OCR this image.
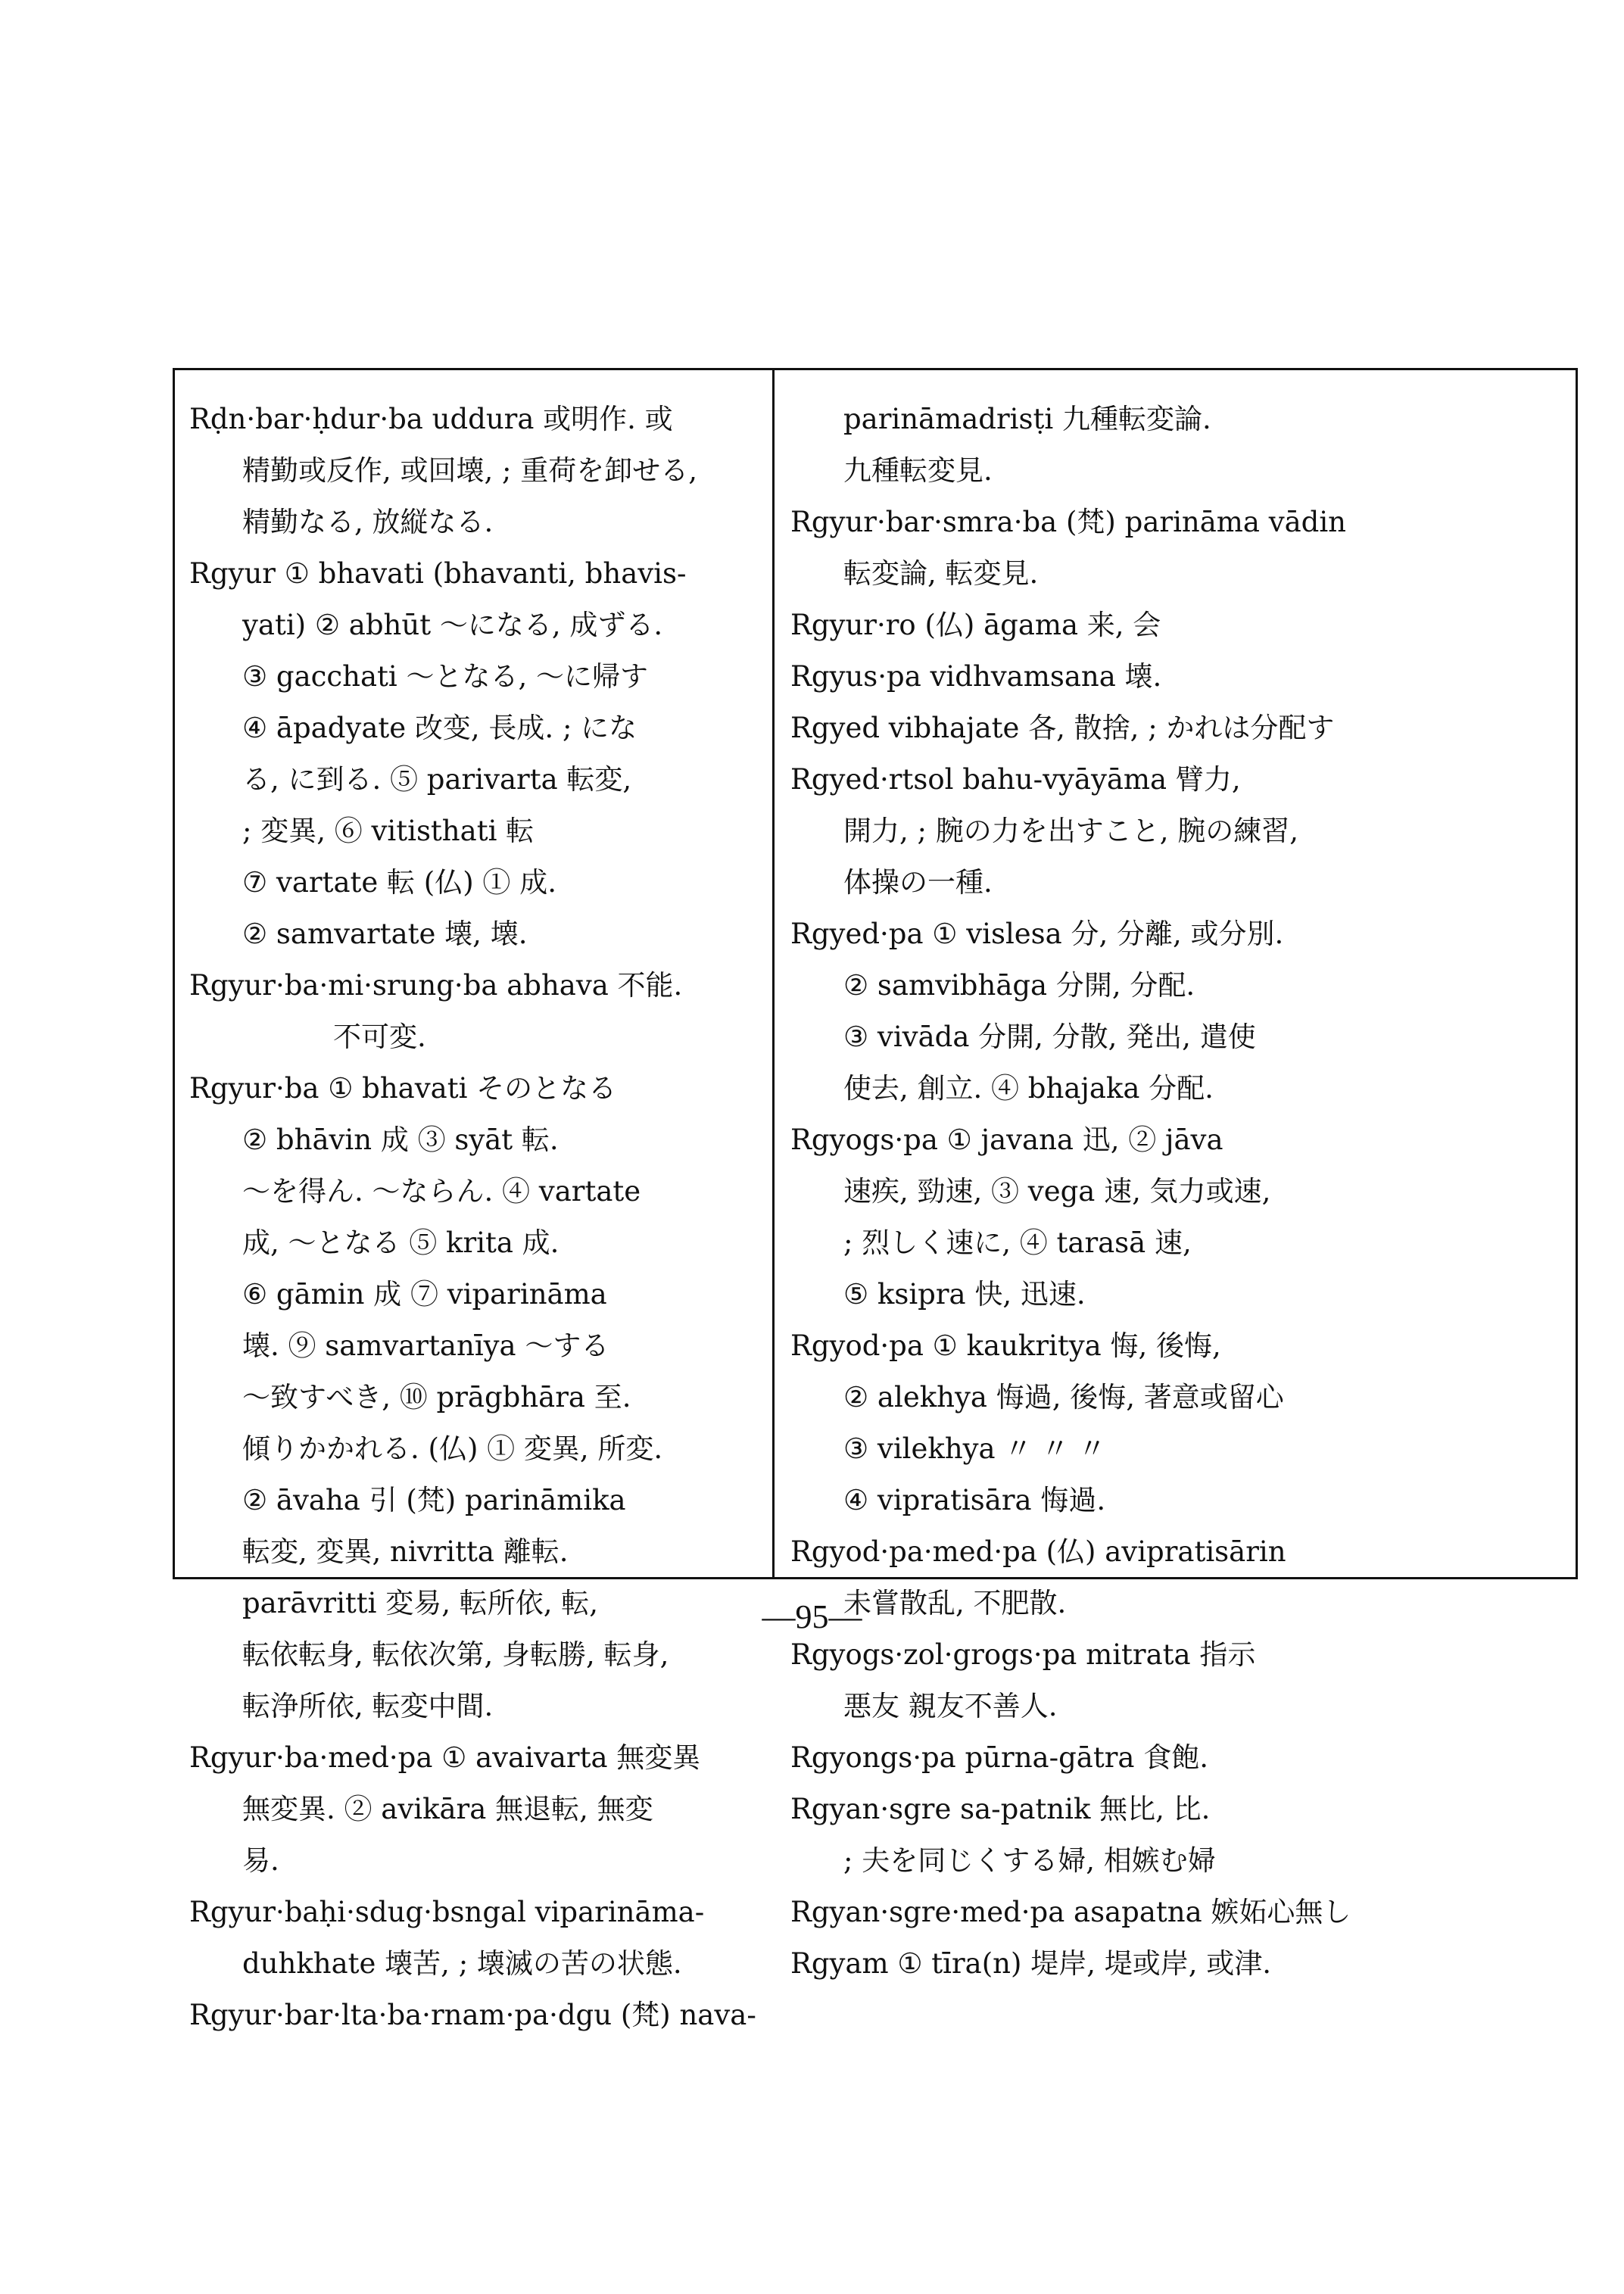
Rḍn·bar·ḥdur·ba uddura 或明作. 或
精勤或反作, 或回壊, ; 重荷を卸せる,
精勤なる, 放縦なる.
Rgyur ① bhavati (bhavanti, bhavis-
yati) ② abhūt ～になる, 成ずる.
③ gacchati ～となる, ～に帰す
④ āpadyate 改变, 長成. ; にな
る, に到る. ⑤ parivarta 転変,
; 変異, ⑥ vitisthati 転
⑦ vartate 転 (仏) ① 成.
② samvartate 壊, 壊.
Rgyur·ba·mi·srung·ba abhava 不能.
不可変.
Rgyur·ba ① bhavati そのとなる
② bhāvin 成 ③ syāt 転.
～を得ん. ～ならん. ④ vartate
成, ～となる ⑤ krita 成.
⑥ gāmin 成 ⑦ viparināma
壊. ⑨ samvartanīya ～する
～致すべき, ⑩ prāgbhāra 至.
傾りかかれる. (仏) ① 変異, 所変.
② āvaha 引 (梵) parināmika
転変, 変異, nivritta 離転.
parāvritti 変易, 転所依, 転,
転依転身, 転依次第, 身転勝, 転身,
転浄所依, 転変中間.
Rgyur·ba·med·pa ① avaivarta 無変異
無変異. ② avikāra 無退転, 無変
易.
Rgyur·baḥi·sdug·bsngal viparināma-
duhkhate 壊苦, ; 壊滅の苦の状態.
Rgyur·bar·lta·ba·rnam·pa·dgu (梵) nava-
parināmadrisṭi 九種転変論.
九種転変見.
Rgyur·bar·smra·ba (梵) parināma vādin
転変論, 転変見.
Rgyur·ro (仏) āgama 来, 会
Rgyus·pa vidhvamsana 壊.
Rgyed vibhajate 各, 散捨, ; かれは分配す
Rgyed·rtsol bahu-vyāyāma 臂力,
開力, ; 腕の力を出すこと, 腕の練習,
体操の一種.
Rgyed·pa ① vislesa 分, 分離, 或分別.
② samvibhāga 分開, 分配.
③ vivāda 分開, 分散, 発出, 遣使
使去, 創立. ④ bhajaka 分配.
Rgyogs·pa ① javana 迅, ② jāva
速疾, 勁速, ③ vega 速, 気力或速,
; 烈しく速に, ④ tarasā 速,
⑤ ksipra 快, 迅速.
Rgyod·pa ① kaukritya 悔, 後悔,
② alekhya 悔過, 後悔, 著意或留心
③ vilekhya 〃 〃 〃
④ vipratisāra 悔過.
Rgyod·pa·med·pa (仏) avipratisārin
未嘗散乱, 不肥散.
Rgyogs·zol·grogs·pa mitrata 指示
悪友 親友不善人.
Rgyongs·pa pūrna-gātra 食飽.
Rgyan·sgre sa-patnik 無比, 比.
; 夫を同じくする婦, 相嫉む婦
Rgyan·sgre·med·pa asapatna 嫉妬心無し
Rgyam ① tīra(n) 堤岸, 堤或岸, 或津.
—95—
